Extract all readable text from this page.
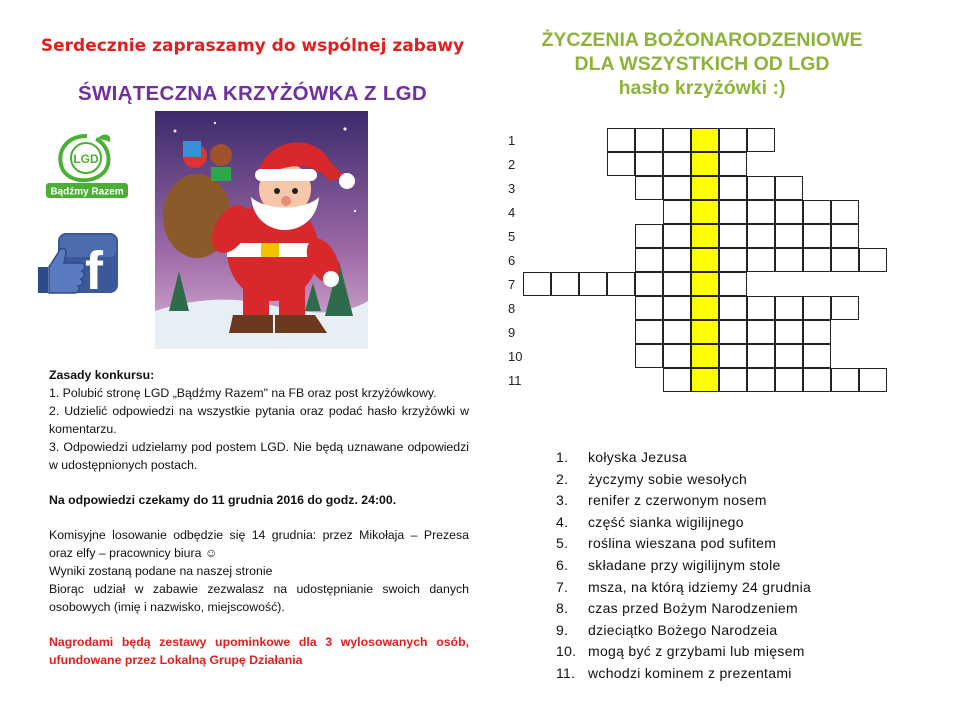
Serdecznie zapraszamy do wspólnej zabawy
ŚWIĄTECZNA KRZYŻÓWKA Z LGD
ŻYCZENIA BOŻONARODZENIOWE
DLA WSZYSTKICH OD LGD
hasło krzyżówki :)
LGD
Bądźmy Razem
f

Zasady konkursu:

1. Polubić stronę LGD „Bądźmy Razem" na FB oraz post krzyżówkowy.

2. Udzielić odpowiedzi na wszystkie pytania oraz podać hasło krzyżówki w komentarzu.

3. Odpowiedzi udzielamy pod postem LGD. Nie będą uznawane odpowiedzi w udostępnionych postach.

Na odpowiedzi czekamy do 11 grudnia 2016 do godz. 24:00.

Komisyjne losowanie odbędzie się 14 grudnia: przez Mikołaja – Prezesa oraz elfy – pracownicy biura ☺

Wyniki zostaną podane na naszej stronie

Biorąc udział w zabawie zezwalasz na udostępnianie swoich danych osobowych (imię i nazwisko, miejscowość).

Nagrodami będą zestawy upominkowe dla 3 wylosowanych osób, ufundowane przez Lokalną Grupę Działania

1
2
3
4
5
6
7
8
9
10
11
1.	kołyska Jezusa
2.	życzymy sobie wesołych
3.	renifer z czerwonym nosem
4.	część sianka wigilijnego
5.	roślina wieszana pod sufitem
6.	składane przy wigilijnym stole
7.	msza, na którą idziemy 24 grudnia
8.	czas przed Bożym Narodzeniem
9.	dzieciątko Bożego Narodzeia
10. mogą być z grzybami lub mięsem
11. wchodzi kominem z prezentami
